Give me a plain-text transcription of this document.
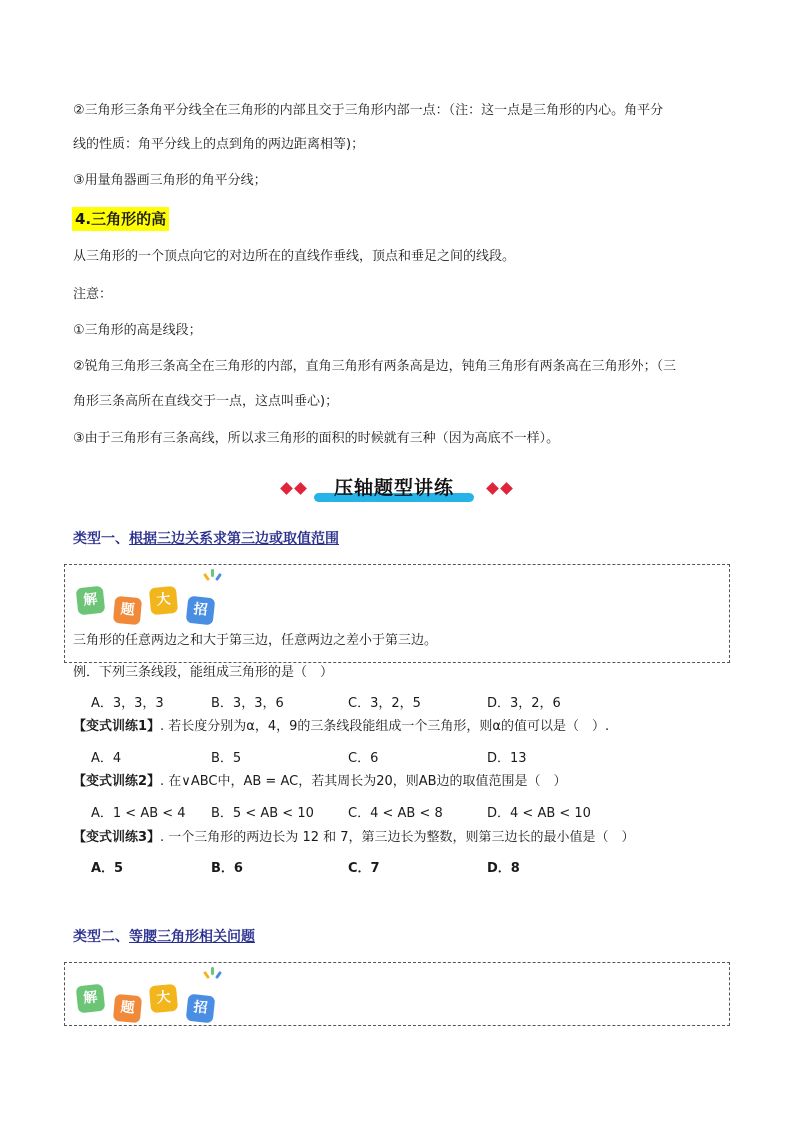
②三角形三条角平分线全在三角形的内部且交于三角形内部一点：（注：这一点是三角形的内心。角平分
线的性质：角平分线上的点到角的两边距离相等)；
③用量角器画三角形的角平分线；
4.三角形的高
从三角形的一个顶点向它的对边所在的直线作垂线，顶点和垂足之间的线段。
注意：
①三角形的高是线段；
②锐角三角形三条高全在三角形的内部，直角三角形有两条高是边，钝角三角形有两条高在三角形外；（三
角形三条高所在直线交于一点，这点叫垂心)；
③由于三角形有三条高线，所以求三角形的面积的时候就有三种（因为高底不一样）。
压轴题型讲练
类型一、根据三边关系求第三边或取值范围
解
题
大
招
三角形的任意两边之和大于第三边，任意两边之差小于第三边。
例．下列三条线段，能组成三角形的是（　）
A．3，3，3	B．3，3，6	C．3，2，5	D．3，2，6
【变式训练1】. 若长度分别为α，4，9的三条线段能组成一个三角形，则α的值可以是（　）.
A．4	B．5	C．6	D．13
【变式训练2】. 在∨ABC中，AB = AC，若其周长为20，则AB边的取值范围是（　）
A．1 < AB < 4 B．5 < AB < 10	C．4 < AB < 8	D．4 < AB < 10
【变式训练3】. 一个三角形的两边长为 12 和 7，第三边长为整数，则第三边长的最小值是（　）
A．5	B．6	C．7	D．8
类型二、等腰三角形相关问题
解
题
大
招
